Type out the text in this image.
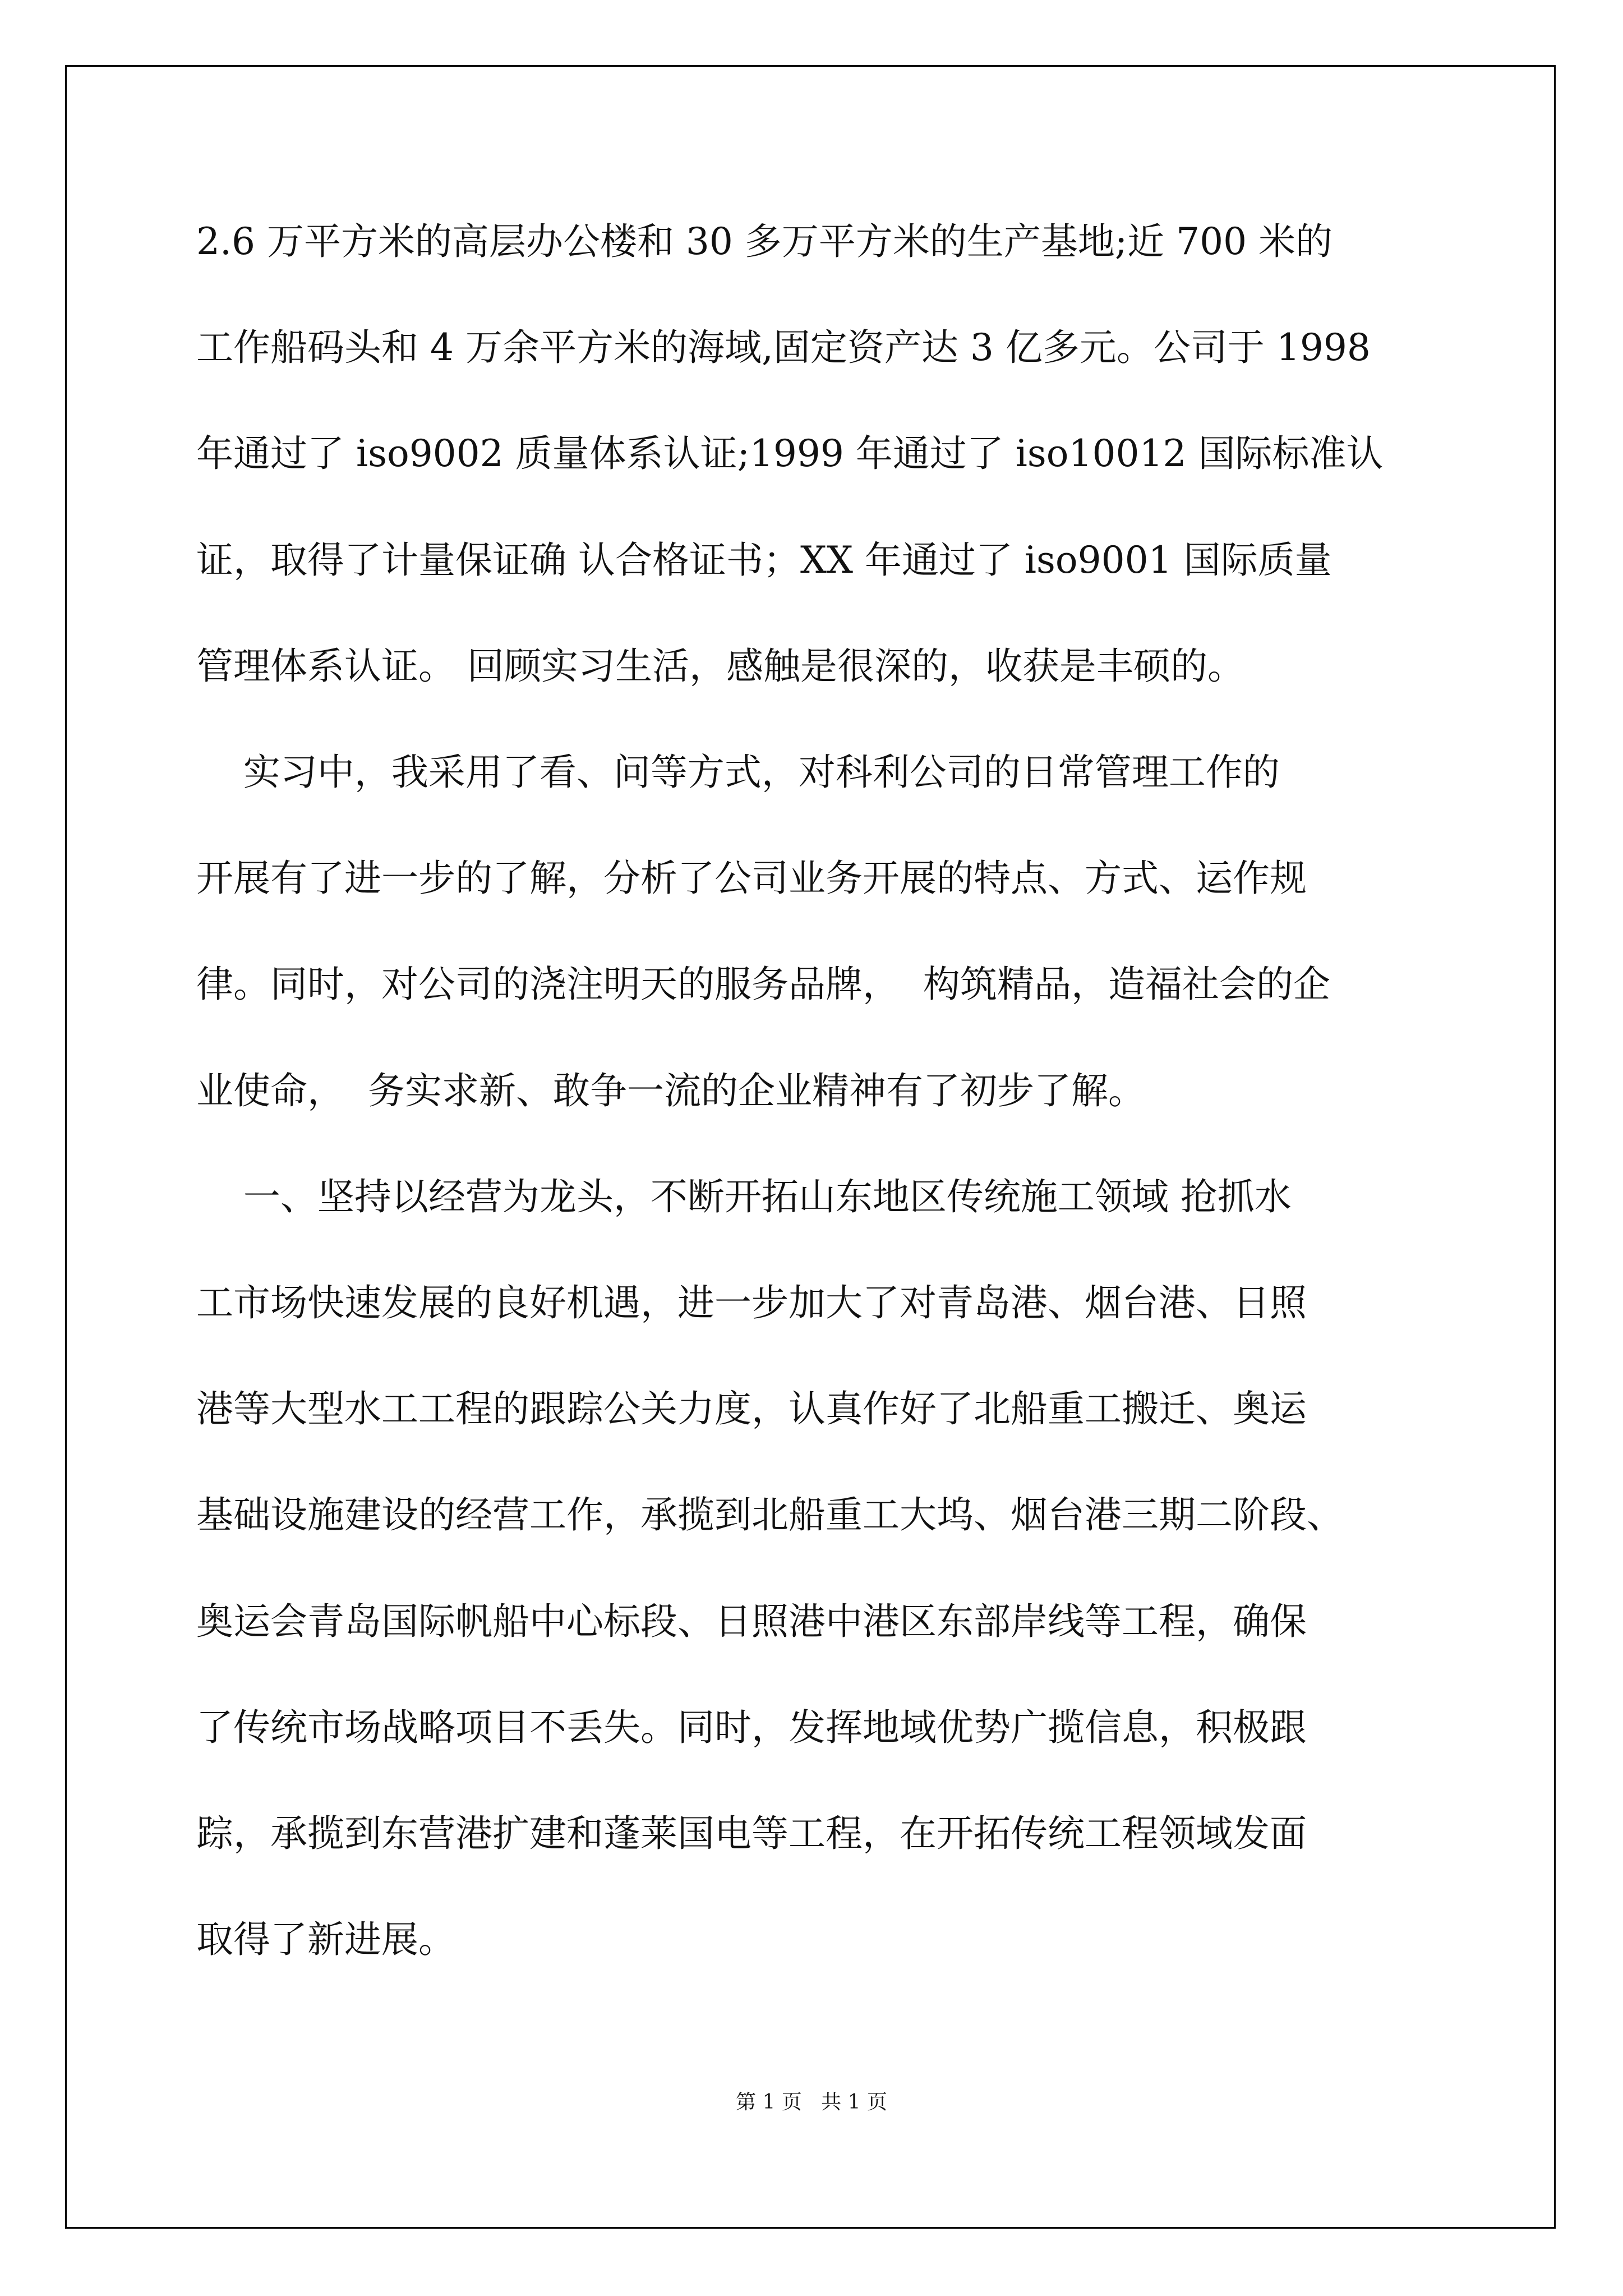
2.6 万平方米的高层办公楼和 30 多万平方米的生产基地;近 700 米的
工作船码头和 4 万余平方米的海域,固定资产达 3 亿多元。公司于 1998
年通过了 iso9002 质量体系认证;1999 年通过了 iso10012 国际标准认
证，取得了计量保证确 认合格证书；XX 年通过了 iso9001 国际质量
管理体系认证。 回顾实习生活，感触是很深的，收获是丰硕的。
实习中，我采用了看、问等方式，对科利公司的日常管理工作的
开展有了进一步的了解，分析了公司业务开展的特点、方式、运作规
律。同时，对公司的浇注明天的服务品牌，  构筑精品，造福社会的企
业使命，  务实求新、敢争一流的企业精神有了初步了解。
一、坚持以经营为龙头，不断开拓山东地区传统施工领域 抢抓水
工市场快速发展的良好机遇，进一步加大了对青岛港、烟台港、日照
港等大型水工工程的跟踪公关力度，认真作好了北船重工搬迁、奥运
基础设施建设的经营工作，承揽到北船重工大坞、烟台港三期二阶段、
奥运会青岛国际帆船中心标段、日照港中港区东部岸线等工程，确保
了传统市场战略项目不丢失。同时，发挥地域优势广揽信息，积极跟
踪，承揽到东营港扩建和蓬莱国电等工程，在开拓传统工程领域发面
取得了新进展。
第 1 页   共 1 页
